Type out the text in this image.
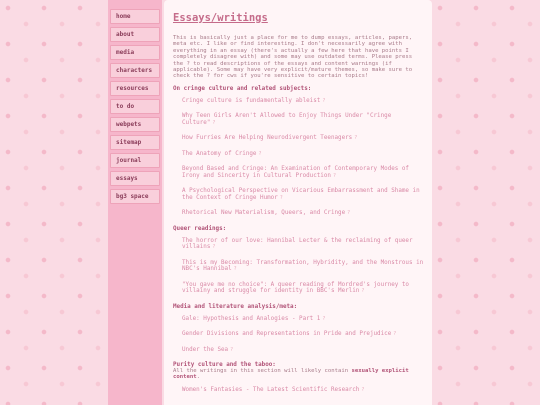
home
about
media
characters
resources
to do
webpets
sitemap
journal
essays
bg3 space
Essays/writings

This is basically just a place for me to dump essays, articles, papers, meta etc. I like or find interesting. I don't necessarily agree with everything in an essay (there's actually a few here that have points I completely disagree with) and some may use outdated terms. Please press the ? to read descriptions of the essays and content warnings (if applicable). Some may have very explicit/mature themes, so make sure to check the ? for cws if you're sensitive to certain topics!

On cringe culture and related subjects:
Cringe culture is fundamentally ableist ?
Why Teen Girls Aren't Allowed to Enjoy Things Under "Cringe Culture" ?
How Furries Are Helping Neurodivergent Teenagers ?
The Anatomy of Cringe ?
Beyond Based and Cringe: An Examination of Contemporary Modes of Irony and Sincerity in Cultural Production ?
A Psychological Perspective on Vicarious Embarrassment and Shame in the Context of Cringe Humor ?
Rhetorical New Materialism, Queers, and Cringe ?
Queer readings:
The horror of our love: Hannibal Lecter & the reclaiming of queer villains ?
This is my Becoming: Transformation, Hybridity, and the Monstrous in NBC's Hannibal ?
"You gave me no choice": A queer reading of Mordred's journey to villainy and struggle for identity in BBC's Merlin ?
Media and literature analysis/meta:
Gale: Hypothesis and Analogies - Part 1 ?
Gender Divisions and Representations in Pride and Prejudice ?
Under the Sea ?
Purity culture and the taboo:

All the writings in this section will likely contain sexually explicit content.

Women's Fantasies - The Latest Scientific Research ?
